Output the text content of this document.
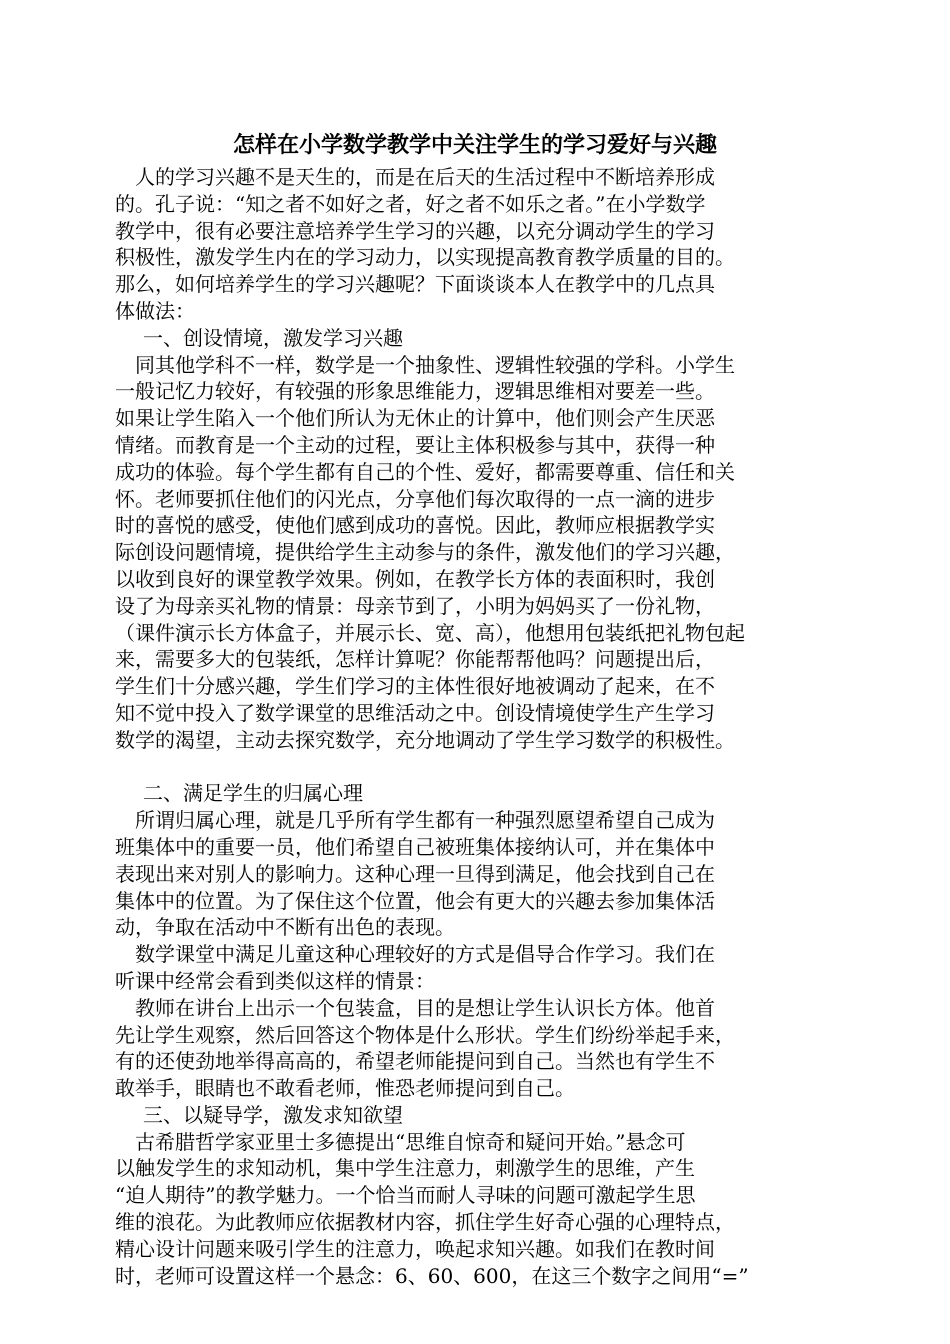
怎样在小学数学教学中关注学生的学习爱好与兴趣

人的学习兴趣不是天生的，而是在后天的生活过程中不断培养形成
的。孔子说：“知之者不如好之者，好之者不如乐之者。”在小学数学
教学中，很有必要注意培养学生学习的兴趣，以充分调动学生的学习
积极性，激发学生内在的学习动力，以实现提高教育教学质量的目的。
那么，如何培养学生的学习兴趣呢？下面谈谈本人在教学中的几点具
体做法：

一、创设情境，激发学习兴趣

同其他学科不一样，数学是一个抽象性、逻辑性较强的学科。小学生
一般记忆力较好，有较强的形象思维能力，逻辑思维相对要差一些。
如果让学生陷入一个他们所认为无休止的计算中，他们则会产生厌恶
情绪。而教育是一个主动的过程，要让主体积极参与其中，获得一种
成功的体验。每个学生都有自己的个性、爱好，都需要尊重、信任和关
怀。老师要抓住他们的闪光点，分享他们每次取得的一点一滴的进步
时的喜悦的感受，使他们感到成功的喜悦。因此，教师应根据教学实
际创设问题情境，提供给学生主动参与的条件，激发他们的学习兴趣，
以收到良好的课堂教学效果。例如，在教学长方体的表面积时，我创
设了为母亲买礼物的情景：母亲节到了，小明为妈妈买了一份礼物，
（课件演示长方体盒子，并展示长、宽、高），他想用包装纸把礼物包起
来，需要多大的包装纸，怎样计算呢？你能帮帮他吗？问题提出后，
学生们十分感兴趣，学生们学习的主体性很好地被调动了起来，在不
知不觉中投入了数学课堂的思维活动之中。创设情境使学生产生学习
数学的渴望，主动去探究数学，充分地调动了学生学习数学的积极性。

二、满足学生的归属心理

所谓归属心理，就是几乎所有学生都有一种强烈愿望希望自己成为
班集体中的重要一员，他们希望自己被班集体接纳认可，并在集体中
表现出来对别人的影响力。这种心理一旦得到满足，他会找到自己在
集体中的位置。为了保住这个位置，他会有更大的兴趣去参加集体活
动，争取在活动中不断有出色的表现。

数学课堂中满足儿童这种心理较好的方式是倡导合作学习。我们在
听课中经常会看到类似这样的情景：

教师在讲台上出示一个包装盒，目的是想让学生认识长方体。他首
先让学生观察，然后回答这个物体是什么形状。学生们纷纷举起手来，
有的还使劲地举得高高的，希望老师能提问到自己。当然也有学生不
敢举手，眼睛也不敢看老师，惟恐老师提问到自己。

三、以疑导学，激发求知欲望

古希腊哲学家亚里士多德提出“思维自惊奇和疑问开始。”悬念可
以触发学生的求知动机，集中学生注意力，刺激学生的思维，产生
“迫人期待”的教学魅力。一个恰当而耐人寻味的问题可激起学生思
维的浪花。为此教师应依据教材内容，抓住学生好奇心强的心理特点，
精心设计问题来吸引学生的注意力，唤起求知兴趣。如我们在教时间
时，老师可设置这样一个悬念：6、60、600，在这三个数字之间用“=”
